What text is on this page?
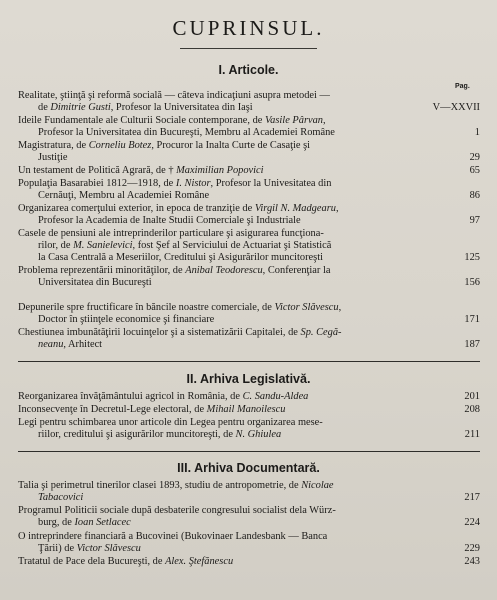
CUPRINSUL.
Pag.
I. Articole.
Realitate, ştiinţă şi reformă socială — câteva indicaţiuni asupra metodei —
de Dimitrie Gusti, Profesor la Universitatea din Iaşi	V—XXVII
Ideile Fundamentale ale Culturii Sociale contemporane, de Vasile Pârvan,
Profesor la Universitatea din Bucureşti, Membru al Academiei Române	1
Magistratura, de Corneliu Botez, Procuror la Inalta Curte de Casaţie şi
Justiţie	29
Un testament de Politică Agrară, de † Maximilian Popovici	65
Populaţia Basarabiei 1812—1918, de I. Nistor, Profesor la Univesitatea din
Cernăuţi, Membru al Academiei Române	86
Organizarea comerţului exterior, in epoca de tranziţie de Virgil N. Madgearu,
Profesor la Academia de Inalte Studii Comerciale şi Industriale	97
Casele de pensiuni ale intreprinderilor particulare şi asigurarea funcţiona-
rilor, de M. Sanielevici, fost Şef al Serviciului de Actuariat şi Statistică
la Casa Centrală a Meseriilor, Creditului şi Asigurărilor muncitoreşti	125
Problema reprezentării minorităţilor, de Anibal Teodorescu, Conferenţiar la
Universitatea din Bucureşti	156
Depunerile spre fructificare în băncile noastre comerciale, de Victor Slăvescu,
Doctor în ştiinţele economice şi financiare	171
Chestiunea imbunătăţirii locuinţelor şi a sistematizării Capitalei, de Sp. Cegă-
neanu, Arhitect	187
II. Arhiva Legislativă.
Reorganizarea învăţământului agricol in România, de C. Sandu-Aldea	201
Inconsecvenţe în Decretul-Lege electoral, de Mihail Manoilescu	208
Legi pentru schimbarea unor articole din Legea pentru organizarea mese-
riilor, creditului şi asigurărilor muncitoreşti, de N. Ghiulea	211
III. Arhiva Documentară.
Talia şi perimetrul tinerilor clasei 1893, studiu de antropometrie, de Nicolae
Tabacovici	217
Programul Politicii sociale după desbaterile congresului socialist dela Würz-
burg, de Ioan Setlacec	224
O intreprindere financiară a Bucovinei (Bukovinaer Landesbank — Banca
Ţării) de Victor Slăvescu	229
Tratatul de Pace dela Bucureşti, de Alex. Ştefănescu	243
